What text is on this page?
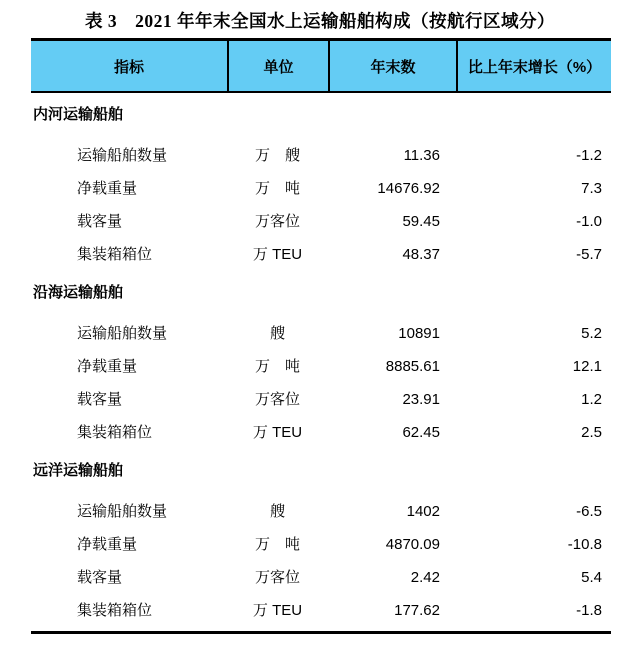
表 3　2021 年年末全国水上运输船舶构成（按航行区域分）
指标	单位	年末数	比上年末增长（%）
内河运输船舶
运输船舶数量	万　艘	11.36	-1.2
净载重量	万　吨	14676.92	7.3
载客量	万客位	59.45	-1.0
集装箱箱位	万 TEU	48.37	-5.7
沿海运输船舶
运输船舶数量	艘	10891	5.2
净载重量	万　吨	8885.61	12.1
载客量	万客位	23.91	1.2
集装箱箱位	万 TEU	62.45	2.5
远洋运输船舶
运输船舶数量	艘	1402	-6.5
净载重量	万　吨	4870.09	-10.8
载客量	万客位	2.42	5.4
集装箱箱位	万 TEU	177.62	-1.8
